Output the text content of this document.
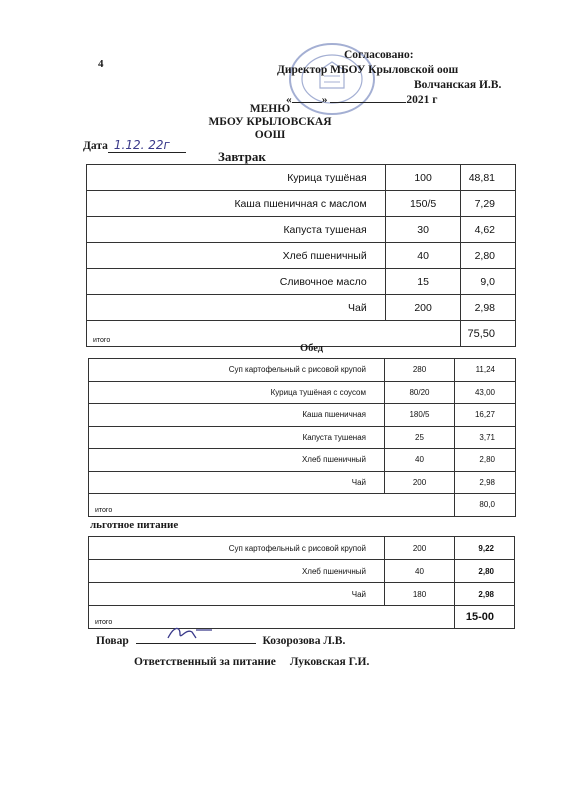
4
Согласовано:
Директор МБОУ Крыловской оош
Волчанская И.В.
«	»	2021 г
МЕНЮ
МБОУ КРЫЛОВСКАЯ ООШ
Дата 1.12. 22г
Завтрак
Курица тушёная	100	48,81
Каша пшеничная с маслом	150/5	7,29
Капуста тушеная	30	4,62
Хлеб пшеничный	40	2,80
Сливочное масло	15	9,0
Чай	200	2,98
итого		75,50
Обед
Суп картофельный с рисовой крупой	280	11,24
Курица тушёная с соусом	80/20	43,00
Каша пшеничная	180/5	16,27
Капуста тушеная	25	3,71
Хлеб пшеничный	40	2,80
Чай	200	2,98
итого		80,0
льготное питание
Суп картофельный с рисовой крупой	200	9,22
Хлеб пшеничный	40	2,80
Чай	180	2,98
итого		15-00
Повар	Козорозова Л.В.
Ответственный за питание Луковская Г.И.
